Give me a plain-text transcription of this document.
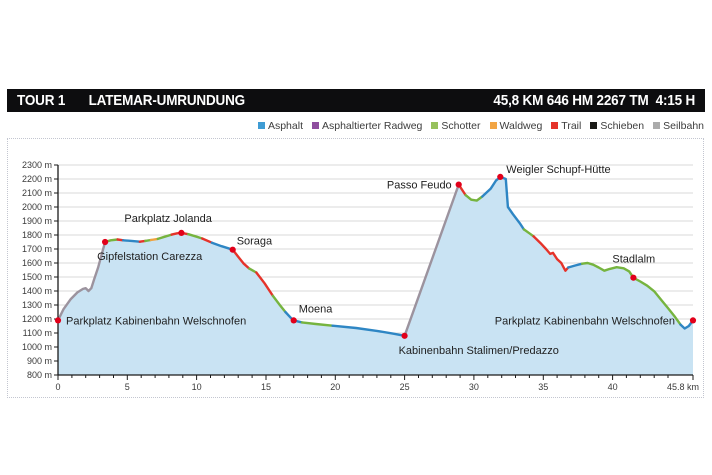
TOUR 1 LATEMAR-UMRUNDUNG	45,8 KM 646 HM 2267 TM  4:15 H
Asphalt Asphaltierter Radweg Schotter Waldweg Trail Schieben Seilbahn
800 m
900 m
1000 m
1100 m
1200 m
1300 m
1400 m
1500 m
1600 m
1700 m
1800 m
1900 m
2000 m
2100 m
2200 m
2300 m
0	5	10	15	20	25	30	35	40	45.8 km
Parkplatz Kabinenbahn Welschnofen
Gipfelstation Carezza
Parkplatz Jolanda
Soraga
Moena
Kabinenbahn Stalimen/Predazzo
Passo Feudo
Weigler Schupf-Hütte
Stadlalm
Parkplatz Kabinenbahn Welschnofen
